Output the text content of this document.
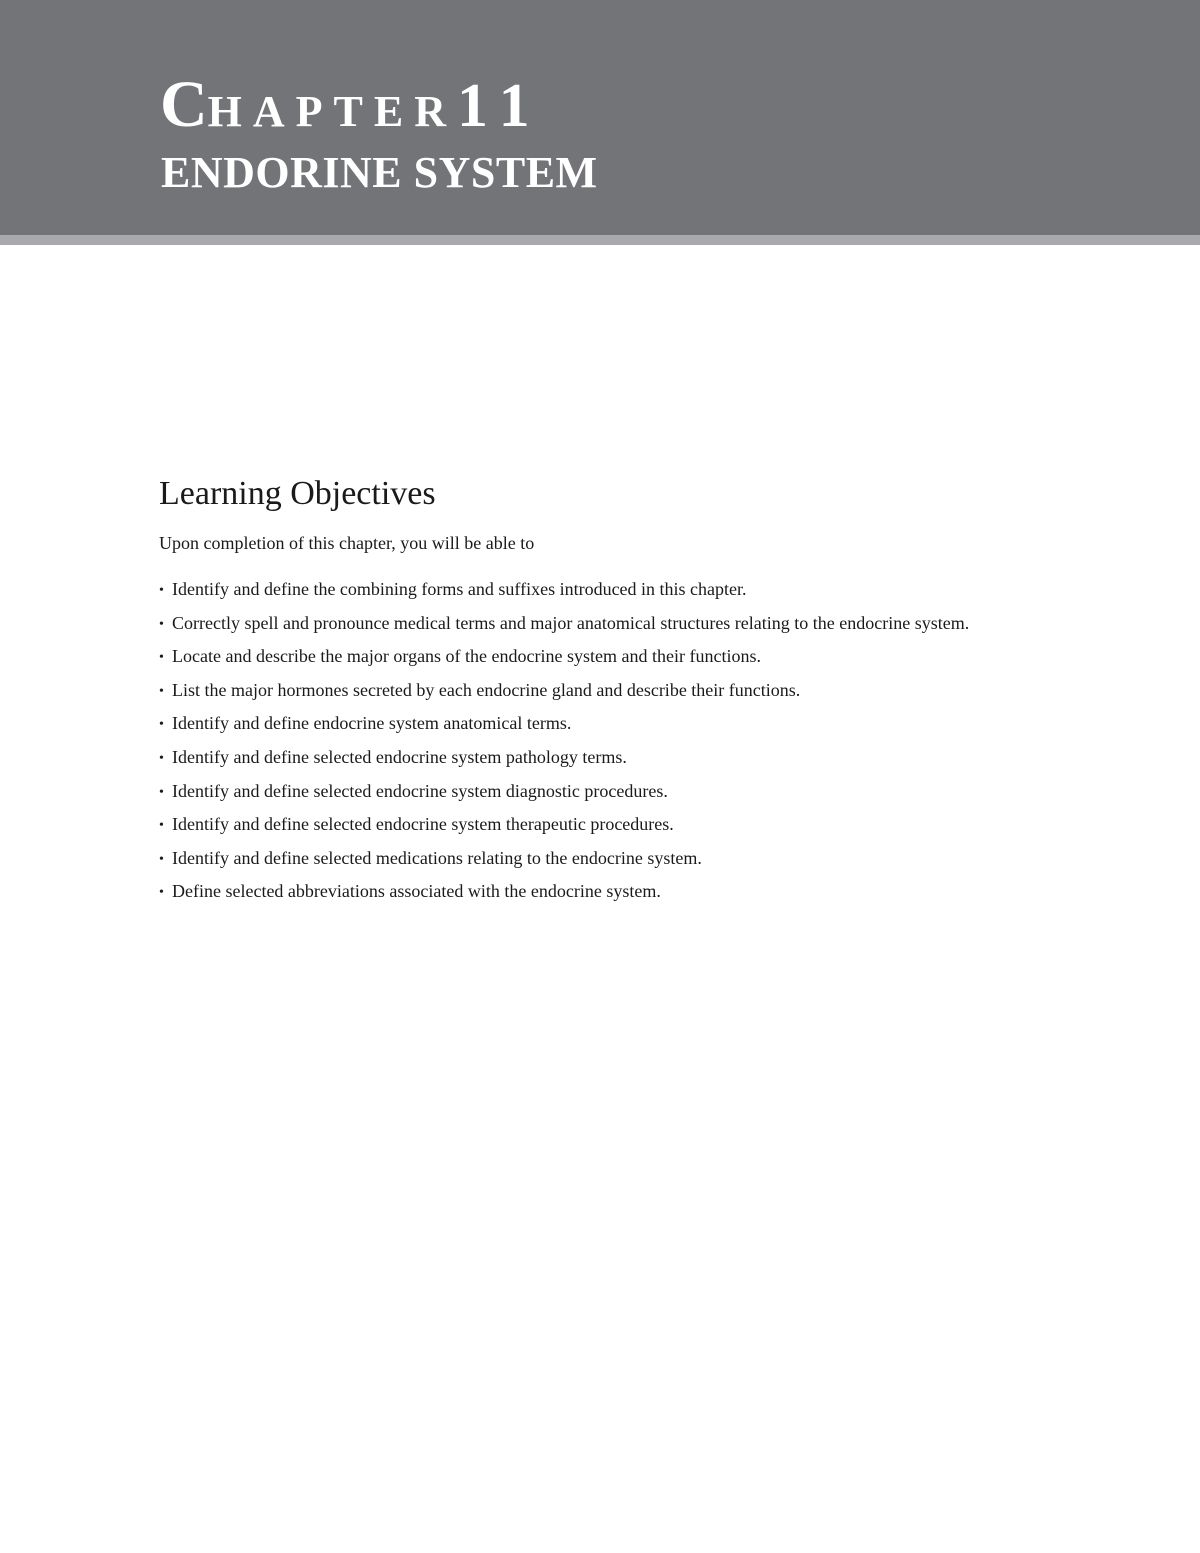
CHAPTER11
ENDORINE SYSTEM
Learning Objectives

Upon completion of this chapter, you will be able to

• Identify and define the combining forms and suffixes introduced in this chapter.
• Correctly spell and pronounce medical terms and major anatomical structures relating to the endocrine system.
• Locate and describe the major organs of the endocrine system and their functions.
• List the major hormones secreted by each endocrine gland and describe their functions.
• Identify and define endocrine system anatomical terms.
• Identify and define selected endocrine system pathology terms.
• Identify and define selected endocrine system diagnostic procedures.
• Identify and define selected endocrine system therapeutic procedures.
• Identify and define selected medications relating to the endocrine system.
• Define selected abbreviations associated with the endocrine system.
